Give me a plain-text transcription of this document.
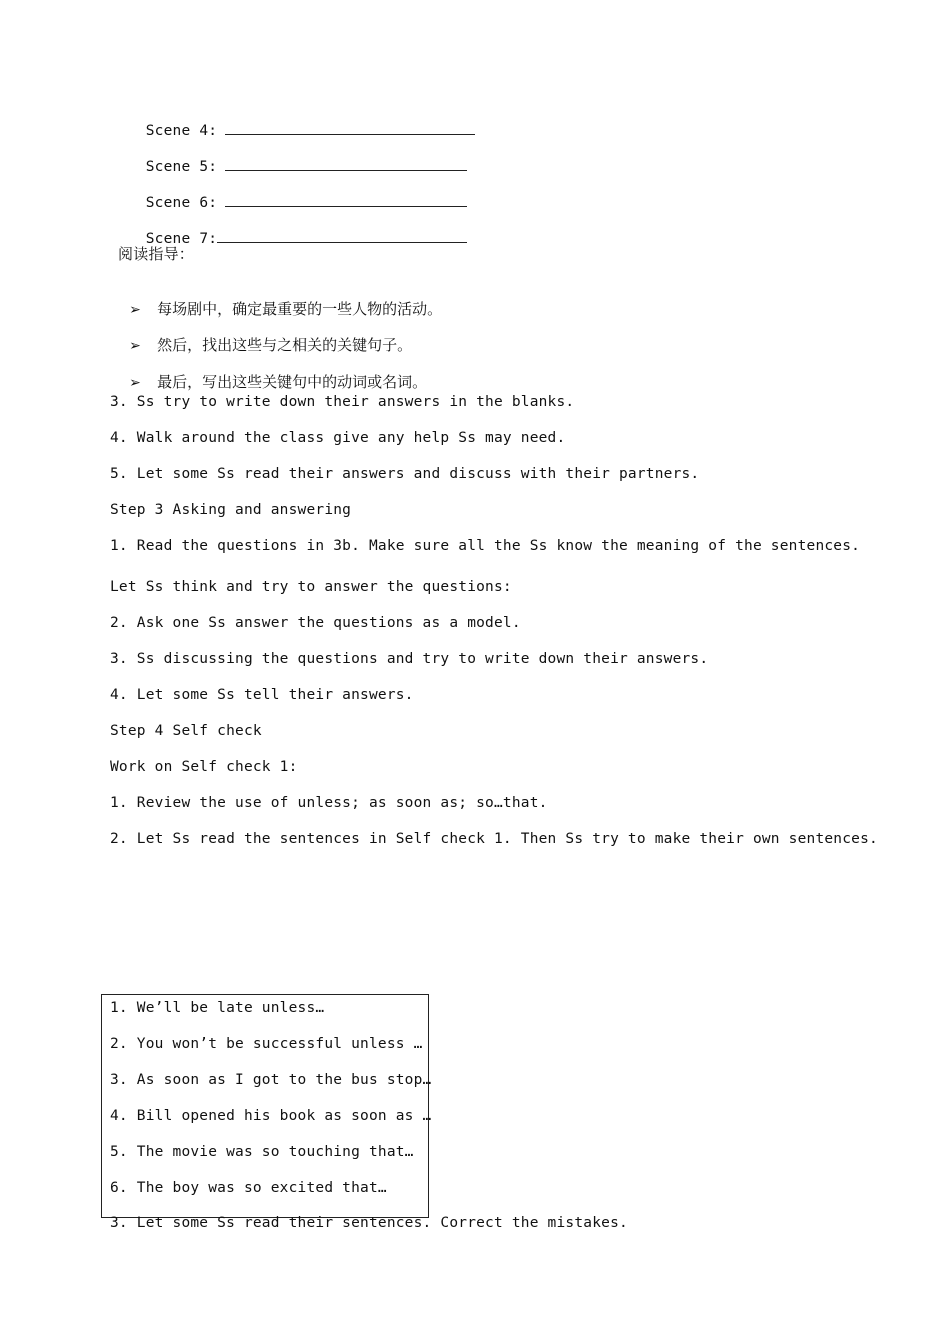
Scene 4:

Scene 5:

Scene 6:

Scene 7:

阅读指导：

➢ 每场剧中，确定最重要的一些人物的活动。

➢ 然后，找出这些与之相关的关键句子。

➢ 最后，写出这些关键句中的动词或名词。

3. Ss try to write down their answers in the blanks.
4. Walk around the class give any help Ss may need.
5. Let some Ss read their answers and discuss with their partners.
Step 3 Asking and answering
1. Read the questions in 3b. Make sure all the Ss know the meaning of the sentences.
Let Ss think and try to answer the questions:
2. Ask one Ss answer the questions as a model.
3. Ss discussing the questions and try to write down their answers.
4. Let some Ss tell their answers.
Step 4 Self check
Work on Self check 1:
1. Review the use of unless; as soon as; so…that.
2. Let Ss read the sentences in Self check 1. Then Ss try to make their own sentences.
1. We’ll be late unless…
2. You won’t be successful unless …
3. As soon as I got to the bus stop…
4. Bill opened his book as soon as …
5. The movie was so touching that…
6. The boy was so excited that…
3. Let some Ss read their sentences. Correct the mistakes.
